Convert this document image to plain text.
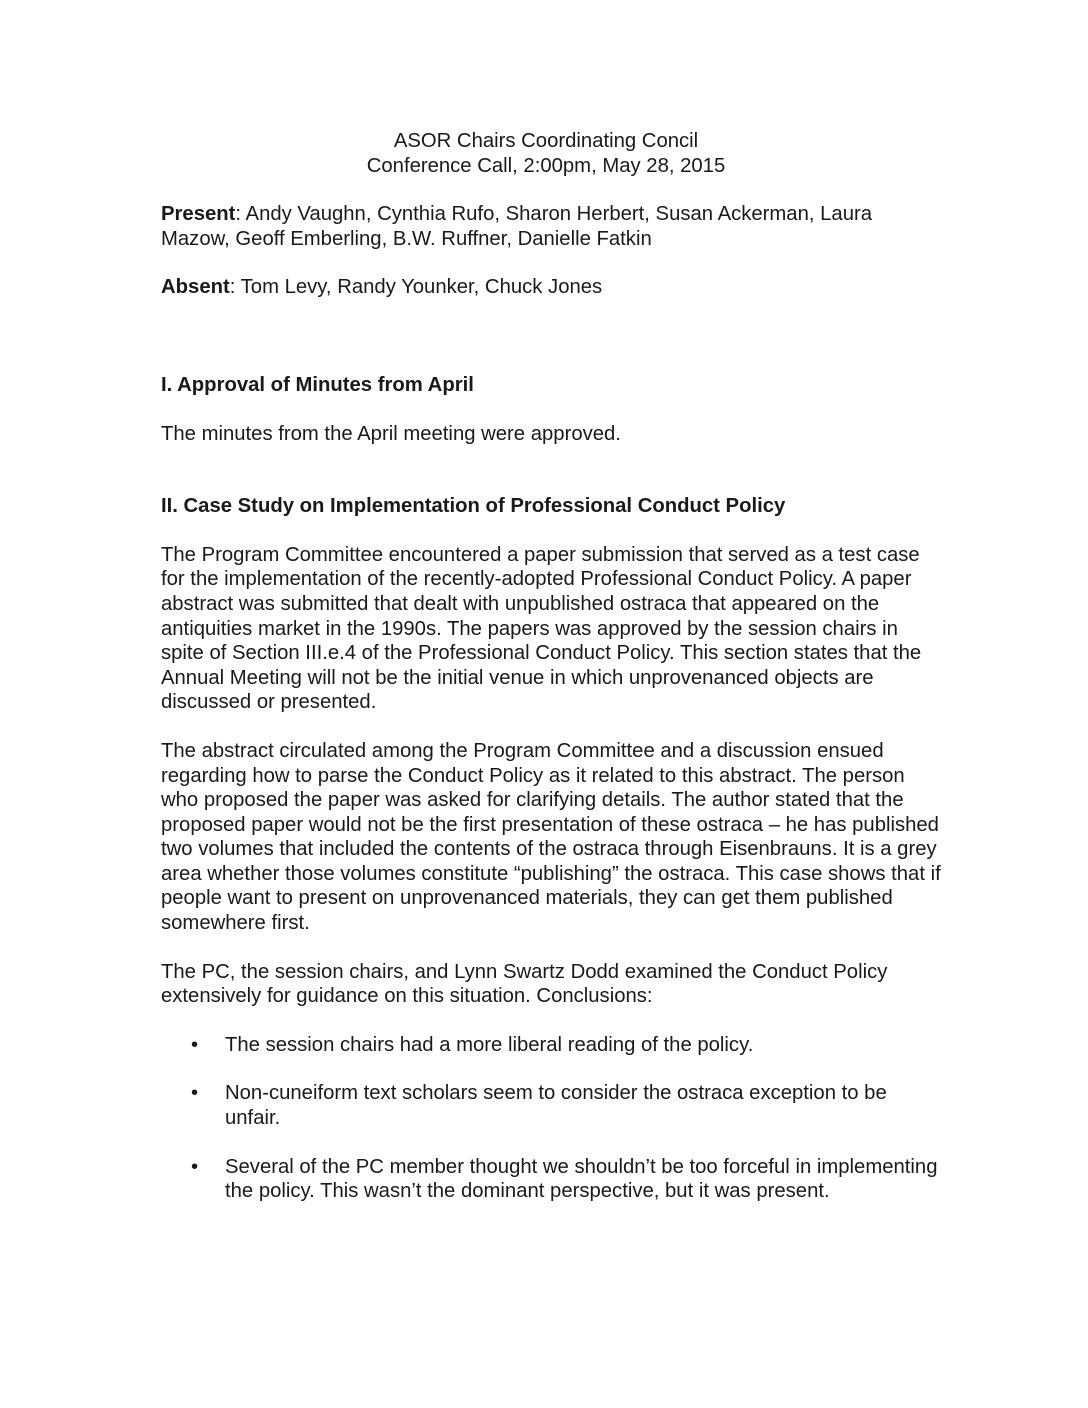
ASOR Chairs Coordinating Concil
Conference Call, 2:00pm, May 28, 2015

Present: Andy Vaughn, Cynthia Rufo, Sharon Herbert, Susan Ackerman, Laura Mazow, Geoff Emberling, B.W. Ruffner, Danielle Fatkin

Absent: Tom Levy, Randy Younker, Chuck Jones

I. Approval of Minutes from April

The minutes from the April meeting were approved.

II. Case Study on Implementation of Professional Conduct Policy

The Program Committee encountered a paper submission that served as a test case for the implementation of the recently-adopted Professional Conduct Policy. A paper abstract was submitted that dealt with unpublished ostraca that appeared on the antiquities market in the 1990s. The papers was approved by the session chairs in spite of Section III.e.4 of the Professional Conduct Policy. This section states that the Annual Meeting will not be the initial venue in which unprovenanced objects are discussed or presented.

The abstract circulated among the Program Committee and a discussion ensued regarding how to parse the Conduct Policy as it related to this abstract. The person who proposed the paper was asked for clarifying details. The author stated that the proposed paper would not be the first presentation of these ostraca – he has published two volumes that included the contents of the ostraca through Eisenbrauns. It is a grey area whether those volumes constitute “publishing” the ostraca. This case shows that if people want to present on unprovenanced materials, they can get them published somewhere first.

The PC, the session chairs, and Lynn Swartz Dodd examined the Conduct Policy extensively for guidance on this situation. Conclusions:

• The session chairs had a more liberal reading of the policy.
• Non-cuneiform text scholars seem to consider the ostraca exception to be unfair.
• Several of the PC member thought we shouldn’t be too forceful in implementing the policy. This wasn’t the dominant perspective, but it was present.
